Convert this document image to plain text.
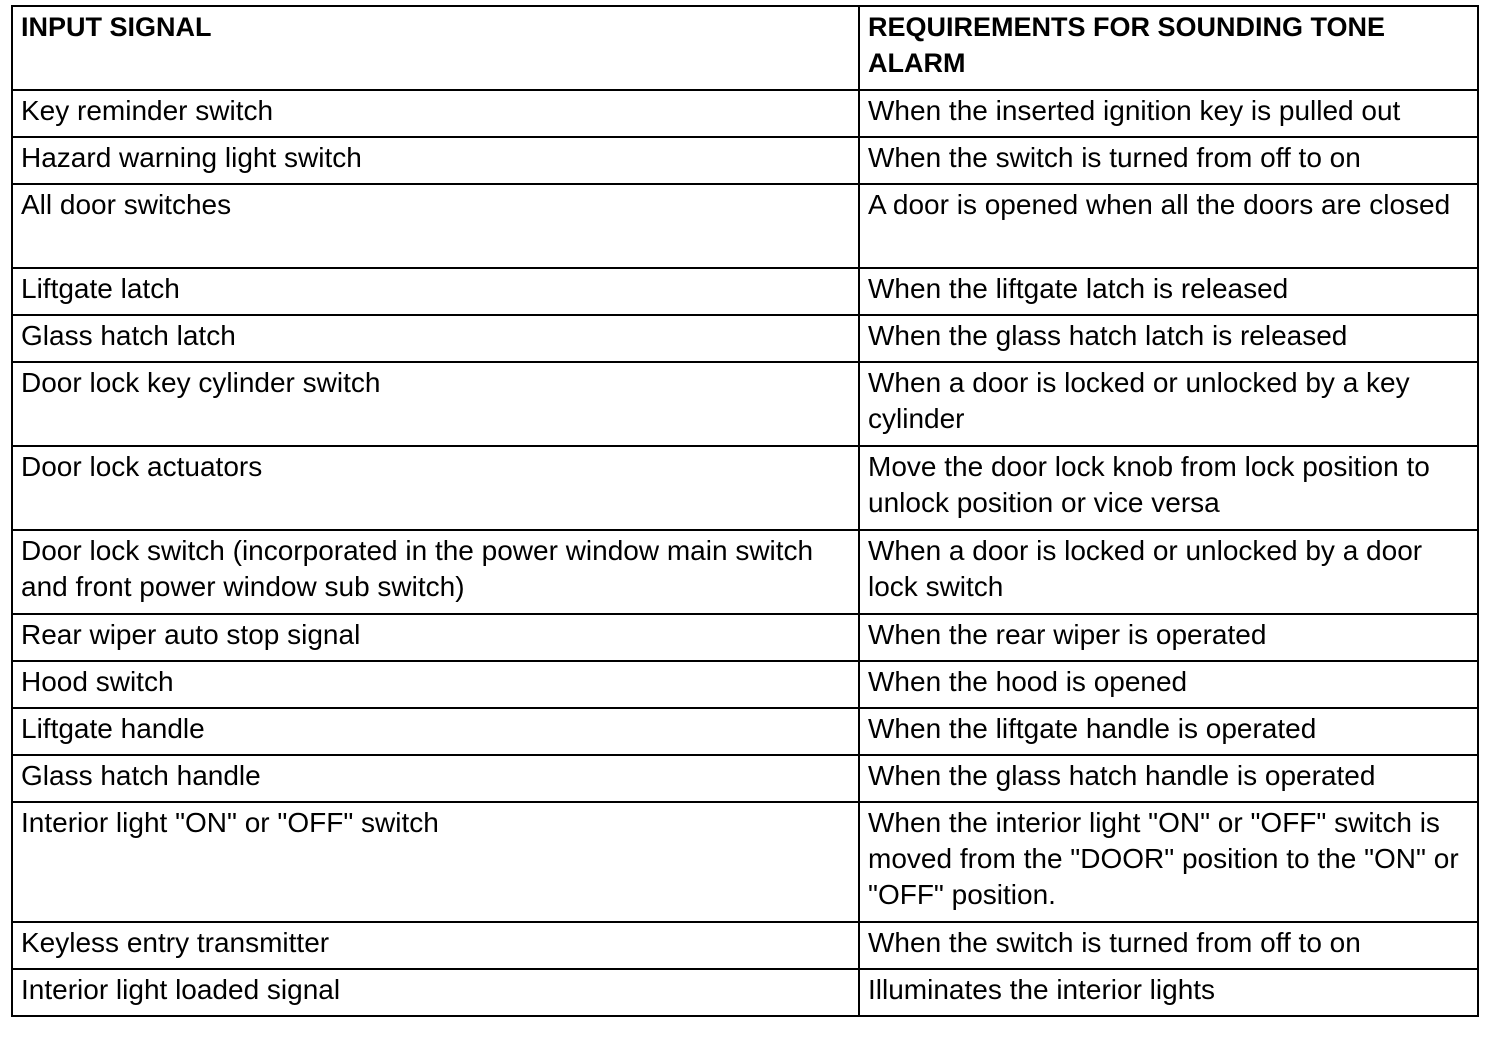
INPUT SIGNAL	REQUIREMENTS FOR SOUNDING TONE ALARM
Key reminder switch	When the inserted ignition key is pulled out
Hazard warning light switch	When the switch is turned from off to on
All door switches	A door is opened when all the doors are closed
Liftgate latch	When the liftgate latch is released
Glass hatch latch	When the glass hatch latch is released
Door lock key cylinder switch	When a door is locked or unlocked by a key cylinder
Door lock actuators	Move the door lock knob from lock position to unlock position or vice versa
Door lock switch (incorporated in the power window main switch and front power window sub switch)	When a door is locked or unlocked by a door lock switch
Rear wiper auto stop signal	When the rear wiper is operated
Hood switch	When the hood is opened
Liftgate handle	When the liftgate handle is operated
Glass hatch handle	When the glass hatch handle is operated
Interior light "ON" or "OFF" switch	When the interior light "ON" or "OFF" switch is moved from the "DOOR" position to the "ON" or "OFF" position.
Keyless entry transmitter	When the switch is turned from off to on
Interior light loaded signal	Illuminates the interior lights
